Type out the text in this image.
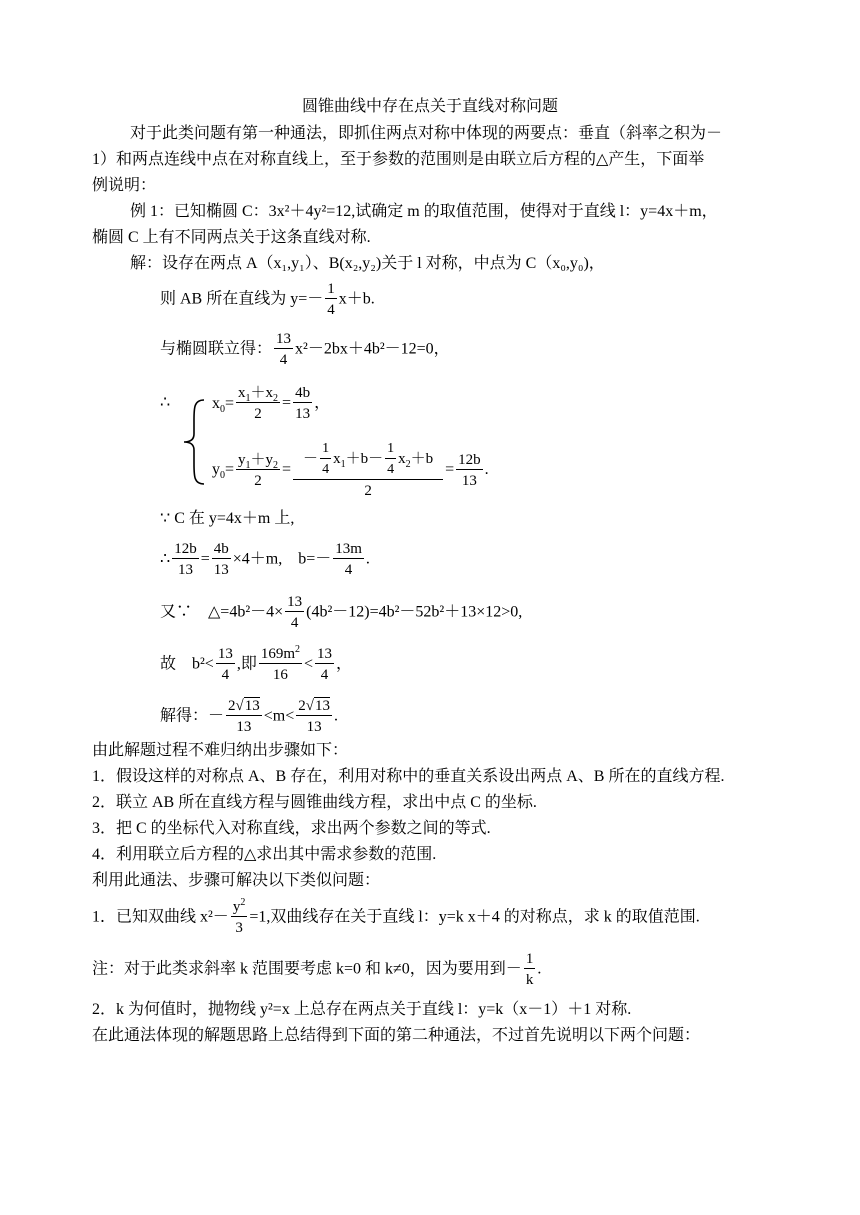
圆锥曲线中存在点关于直线对称问题
对于此类问题有第一种通法，即抓住两点对称中体现的两要点：垂直（斜率之积为－
1）和两点连线中点在对称直线上，至于参数的范围则是由联立后方程的△产生，下面举
例说明：
例 1：已知椭圆 C：3x²＋4y²=12,试确定 m 的取值范围，使得对于直线 l：y=4x＋m，
椭圆 C 上有不同两点关于这条直线对称.
解：设存在两点 A（x₁,y₁）、B(x₂,y₂)关于 l 对称，中点为 C（x₀,y₀)，
则 AB 所在直线为 $y=- \frac{1}{4} x+b$.
与椭圆联立得： $\frac{13}{4} x^2-2bx+4b^2-12=0$，
∴	$x_0= \frac{x_1+x_2}{2} = \frac{4b}{13}$ ，
$y_0= \frac{y_1+y_2}{2} = \frac{- \frac{1}{4} x_1+b- \frac{1}{4} x_2+b}{2} = \frac{12b}{13}$ .
∵ C 在 y=4x＋m 上,
∴ $\frac{12b}{13} = \frac{4b}{13} \times 4+m$,　$b=- \frac{13m}{4}$ .
又∵　△=4b²－4× $\frac{13}{4} (4b^2-12)=4b^2-52b^2+13\times 12>0$,
故　$b^2< \frac{13}{4}$ ,即 $\frac{169m^2}{16} < \frac{13}{4}$ ，
解得：－ $\frac{2√13}{13} <m< \frac{2√13}{13}$ .
由此解题过程不难归纳出步骤如下：
1．假设这样的对称点 A、B 存在，利用对称中的垂直关系设出两点 A、B 所在的直线方程.
2．联立 AB 所在直线方程与圆锥曲线方程，求出中点 C 的坐标.
3．把 C 的坐标代入对称直线，求出两个参数之间的等式.
4．利用联立后方程的△求出其中需求参数的范围.
利用此通法、步骤可解决以下类似问题：
1．已知双曲线 $x^2- \frac{y^2}{3} =1$,双曲线存在关于直线 l：y=k x＋4 的对称点，求 k 的取值范围.
注：对于此类求斜率 k 范围要考虑 k=0 和 k≠0，因为要用到－ $\frac{1}{k}$ .
2．k 为何值时，抛物线 y²=x 上总存在两点关于直线 l：y=k（x－1）＋1 对称.
在此通法体现的解题思路上总结得到下面的第二种通法，不过首先说明以下两个问题：
